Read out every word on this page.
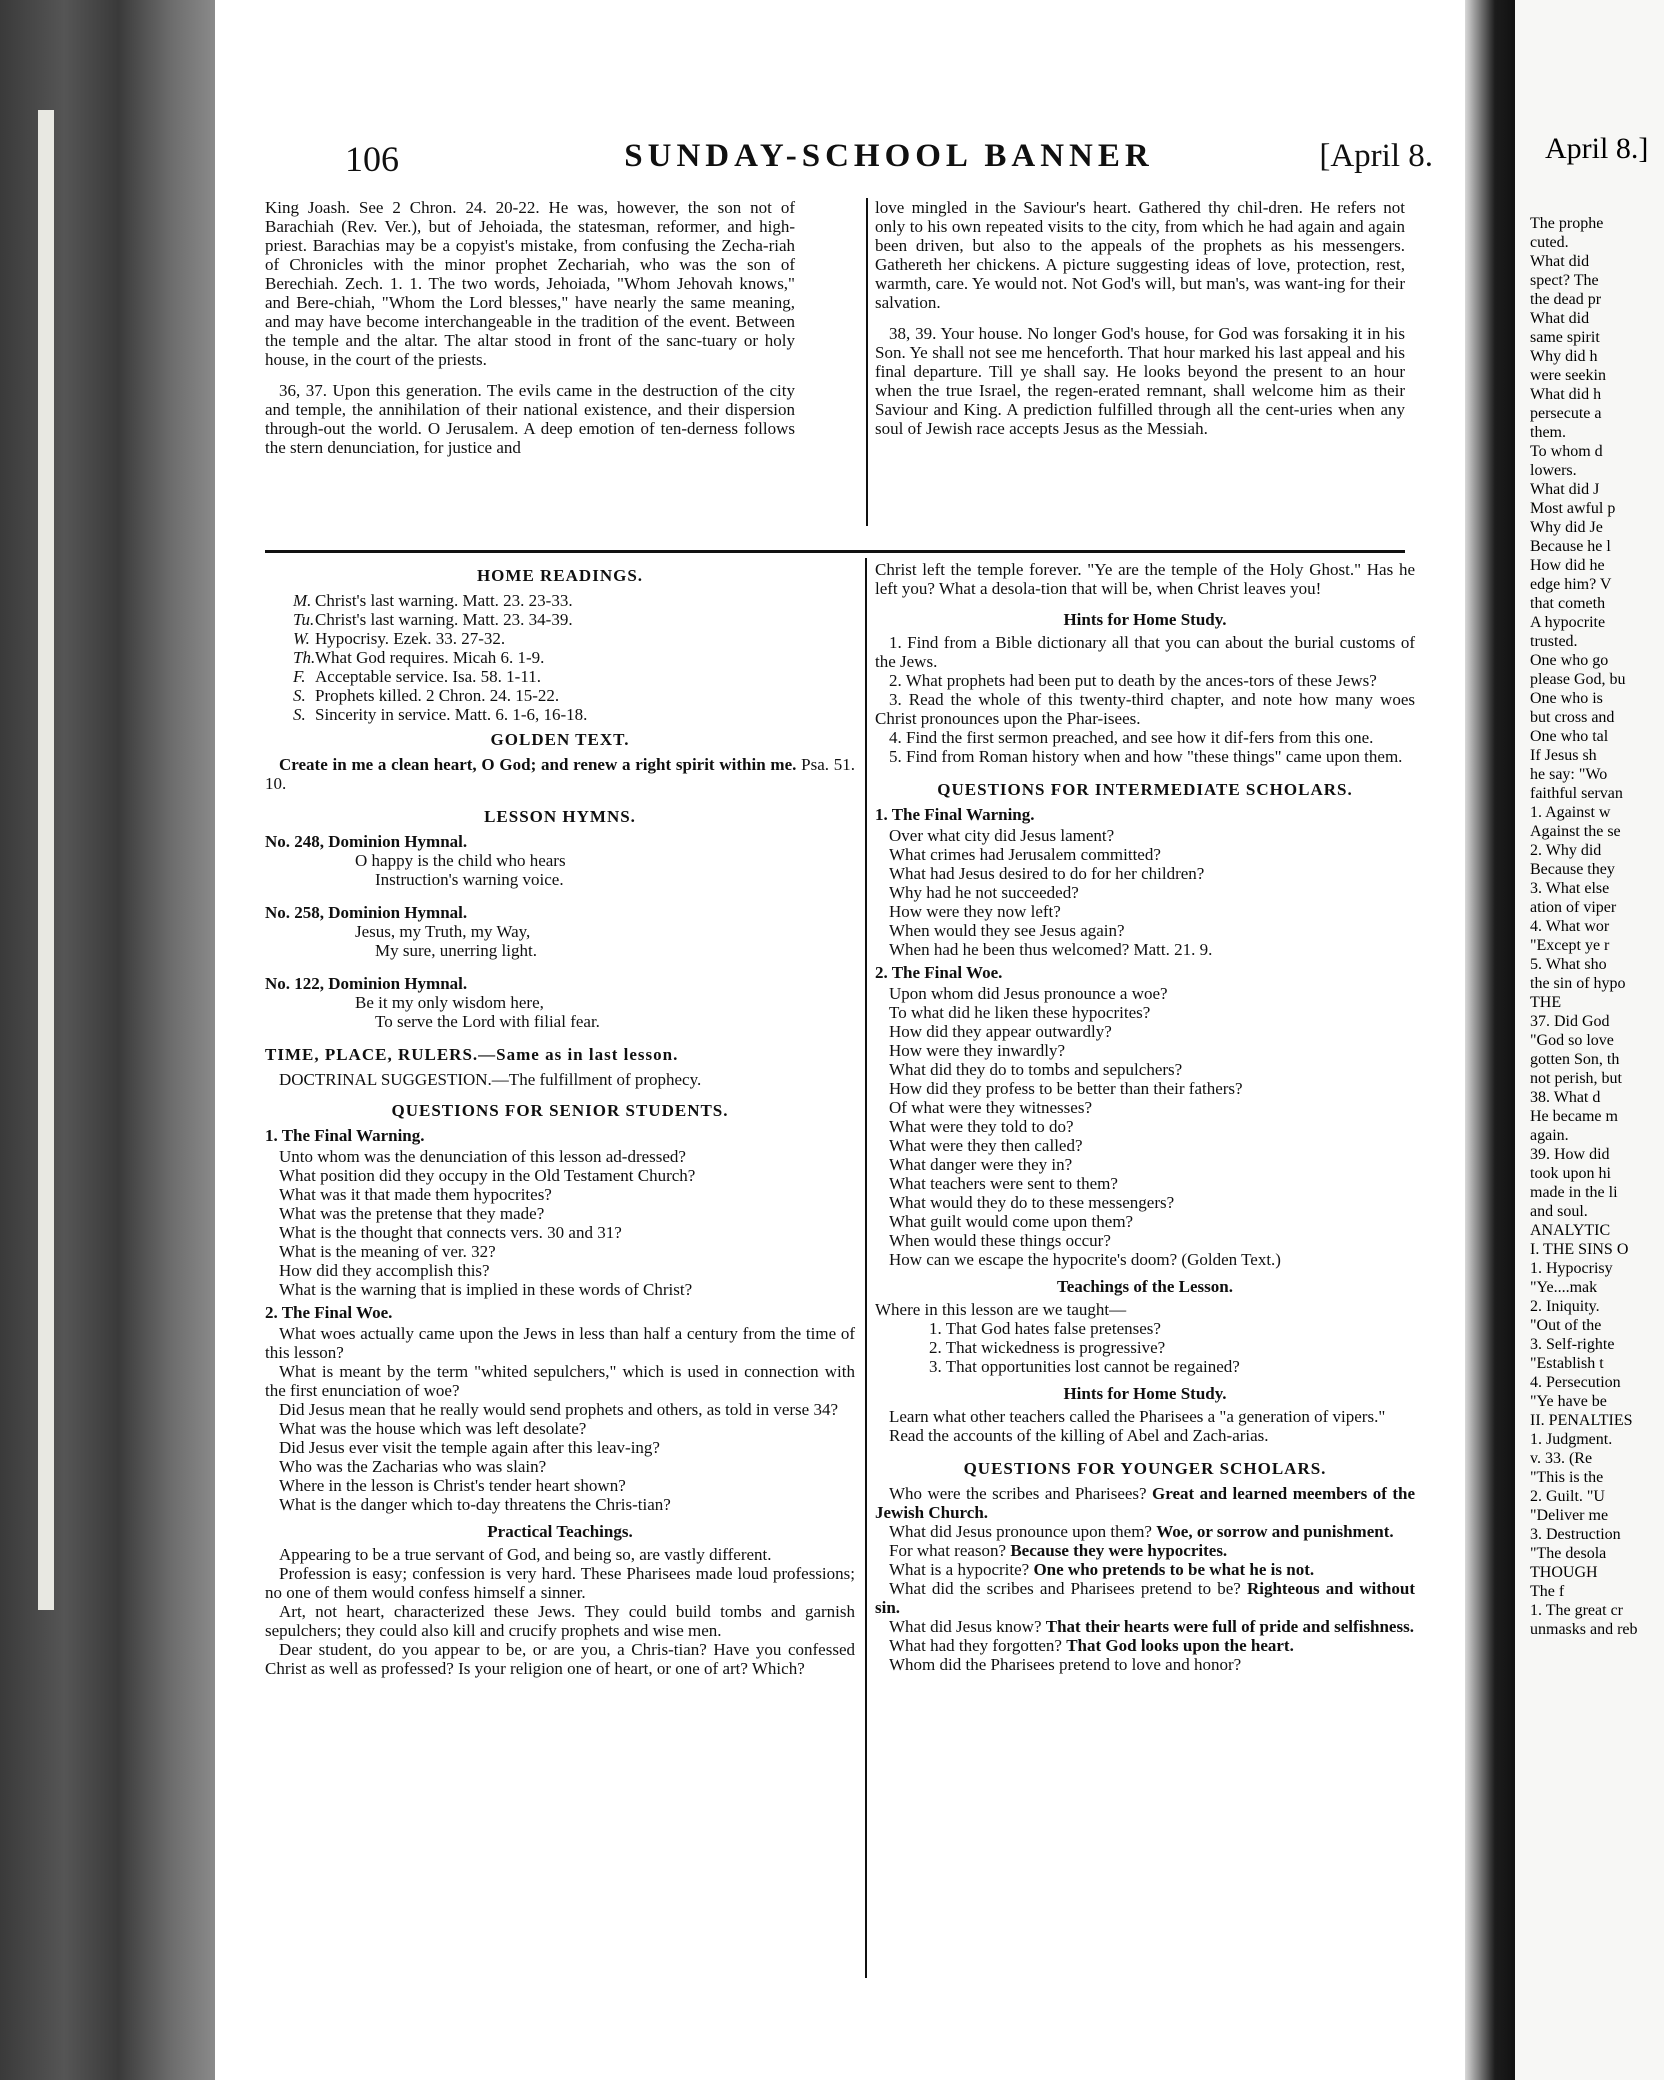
106	SUNDAY-SCHOOL BANNER	[April 8.

King Joash. See 2 Chron. 24. 20-22. He was, however, the son not of Barachiah (Rev. Ver.), but of Jehoiada, the statesman, reformer, and high-priest. Barachias may be a copyist's mistake, from confusing the Zecha-riah of Chronicles with the minor prophet Zechariah, who was the son of Berechiah. Zech. 1. 1. The two words, Jehoiada, "Whom Jehovah knows," and Bere-chiah, "Whom the Lord blesses," have nearly the same meaning, and may have become interchangeable in the tradition of the event. Between the temple and the altar. The altar stood in front of the sanc-tuary or holy house, in the court of the priests.

36, 37. Upon this generation. The evils came in the destruction of the city and temple, the annihilation of their national existence, and their dispersion through-out the world. O Jerusalem. A deep emotion of ten-derness follows the stern denunciation, for justice and

love mingled in the Saviour's heart. Gathered thy chil-dren. He refers not only to his own repeated visits to the city, from which he had again and again been driven, but also to the appeals of the prophets as his messengers. Gathereth her chickens. A picture suggesting ideas of love, protection, rest, warmth, care. Ye would not. Not God's will, but man's, was want-ing for their salvation.

38, 39. Your house. No longer God's house, for God was forsaking it in his Son. Ye shall not see me henceforth. That hour marked his last appeal and his final departure. Till ye shall say. He looks beyond the present to an hour when the true Israel, the regen-erated remnant, shall welcome him as their Saviour and King. A prediction fulfilled through all the cent-uries when any soul of Jewish race accepts Jesus as the Messiah.

HOME READINGS.
M. Christ's last warning. Matt. 23. 23-33.
Tu.Christ's last warning. Matt. 23. 34-39.
W. Hypocrisy. Ezek. 33. 27-32.
Th.What God requires. Micah 6. 1-9.
F. Acceptable service. Isa. 58. 1-11.
S. Prophets killed. 2 Chron. 24. 15-22.
S. Sincerity in service. Matt. 6. 1-6, 16-18.
GOLDEN TEXT.

Create in me a clean heart, O God; and renew a right spirit within me. Psa. 51. 10.

LESSON HYMNS.
No. 248, Dominion Hymnal.
O happy is the child who hears
Instruction's warning voice.
No. 258, Dominion Hymnal.
Jesus, my Truth, my Way,
My sure, unerring light.
No. 122, Dominion Hymnal.
Be it my only wisdom here,
To serve the Lord with filial fear.
TIME, PLACE, RULERS.—Same as in last lesson.

DOCTRINAL SUGGESTION.—The fulfillment of prophecy.

QUESTIONS FOR SENIOR STUDENTS.
1. The Final Warning.
Unto whom was the denunciation of this lesson ad-dressed?
What position did they occupy in the Old Testament Church?
What was it that made them hypocrites?
What was the pretense that they made?
What is the thought that connects vers. 30 and 31?
What is the meaning of ver. 32?
How did they accomplish this?
What is the warning that is implied in these words of Christ?
2. The Final Woe.
What woes actually came upon the Jews in less than half a century from the time of this lesson?
What is meant by the term "whited sepulchers," which is used in connection with the first enunciation of woe?
Did Jesus mean that he really would send prophets and others, as told in verse 34?
What was the house which was left desolate?
Did Jesus ever visit the temple again after this leav-ing?
Who was the Zacharias who was slain?
Where in the lesson is Christ's tender heart shown?
What is the danger which to-day threatens the Chris-tian?
Practical Teachings.
Appearing to be a true servant of God, and being so, are vastly different.
Profession is easy; confession is very hard. These Pharisees made loud professions; no one of them would confess himself a sinner.
Art, not heart, characterized these Jews. They could build tombs and garnish sepulchers; they could also kill and crucify prophets and wise men.
Dear student, do you appear to be, or are you, a Chris-tian? Have you confessed Christ as well as professed? Is your religion one of heart, or one of art? Which?

Christ left the temple forever. "Ye are the temple of the Holy Ghost." Has he left you? What a desola-tion that will be, when Christ leaves you!

Hints for Home Study.
1. Find from a Bible dictionary all that you can about the burial customs of the Jews.
2. What prophets had been put to death by the ances-tors of these Jews?
3. Read the whole of this twenty-third chapter, and note how many woes Christ pronounces upon the Phar-isees.
4. Find the first sermon preached, and see how it dif-fers from this one.
5. Find from Roman history when and how "these things" came upon them.
QUESTIONS FOR INTERMEDIATE SCHOLARS.
1. The Final Warning.
Over what city did Jesus lament?
What crimes had Jerusalem committed?
What had Jesus desired to do for her children?
Why had he not succeeded?
How were they now left?
When would they see Jesus again?
When had he been thus welcomed? Matt. 21. 9.
2. The Final Woe.
Upon whom did Jesus pronounce a woe?
To what did he liken these hypocrites?
How did they appear outwardly?
How were they inwardly?
What did they do to tombs and sepulchers?
How did they profess to be better than their fathers?
Of what were they witnesses?
What were they told to do?
What were they then called?
What danger were they in?
What teachers were sent to them?
What would they do to these messengers?
What guilt would come upon them?
When would these things occur?
How can we escape the hypocrite's doom? (Golden Text.)
Teachings of the Lesson.
Where in this lesson are we taught—
1. That God hates false pretenses?
2. That wickedness is progressive?
3. That opportunities lost cannot be regained?
Hints for Home Study.
Learn what other teachers called the Pharisees a "a generation of vipers."
Read the accounts of the killing of Abel and Zach-arias.
QUESTIONS FOR YOUNGER SCHOLARS.
Who were the scribes and Pharisees? Great and learned meembers of the Jewish Church.
What did Jesus pronounce upon them? Woe, or sorrow and punishment.
For what reason? Because they were hypocrites.
What is a hypocrite? One who pretends to be what he is not.
What did the scribes and Pharisees pretend to be? Righteous and without sin.
What did Jesus know? That their hearts were full of pride and selfishness.
What had they forgotten? That God looks upon the heart.
Whom did the Pharisees pretend to love and honor?
April 8.]
The prophe
cuted.
What did
spect? The
the dead pr
What did
same spirit
Why did h
were seekin
What did h
persecute a
them.
To whom d
lowers.
What did J
Most awful p
Why did Je
Because he l
How did he
edge him? V
that cometh
A hypocrite
trusted.
One who go
please God, bu
One who is
but cross and
One who tal
If Jesus sh
he say: "Wo
faithful servan
1. Against w
Against the se
2. Why did
Because they
3. What else
ation of viper
4. What wor
"Except ye r
5. What sho
the sin of hypo
THE
37. Did God
"God so love
gotten Son, th
not perish, but
38. What d
He became m
again.
39. How did
took upon hi
made in the li
and soul.
ANALYTIC
I. THE SINS O
1. Hypocrisy
"Ye....mak
2. Iniquity.
"Out of the
3. Self-righte
"Establish t
4. Persecution
"Ye have be
II. PENALTIES
1. Judgment.
v. 33. (Re
"This is the
2. Guilt. "U
"Deliver me
3. Destruction
"The desola
THOUGH
The f
1. The great cr
unmasks and reb
